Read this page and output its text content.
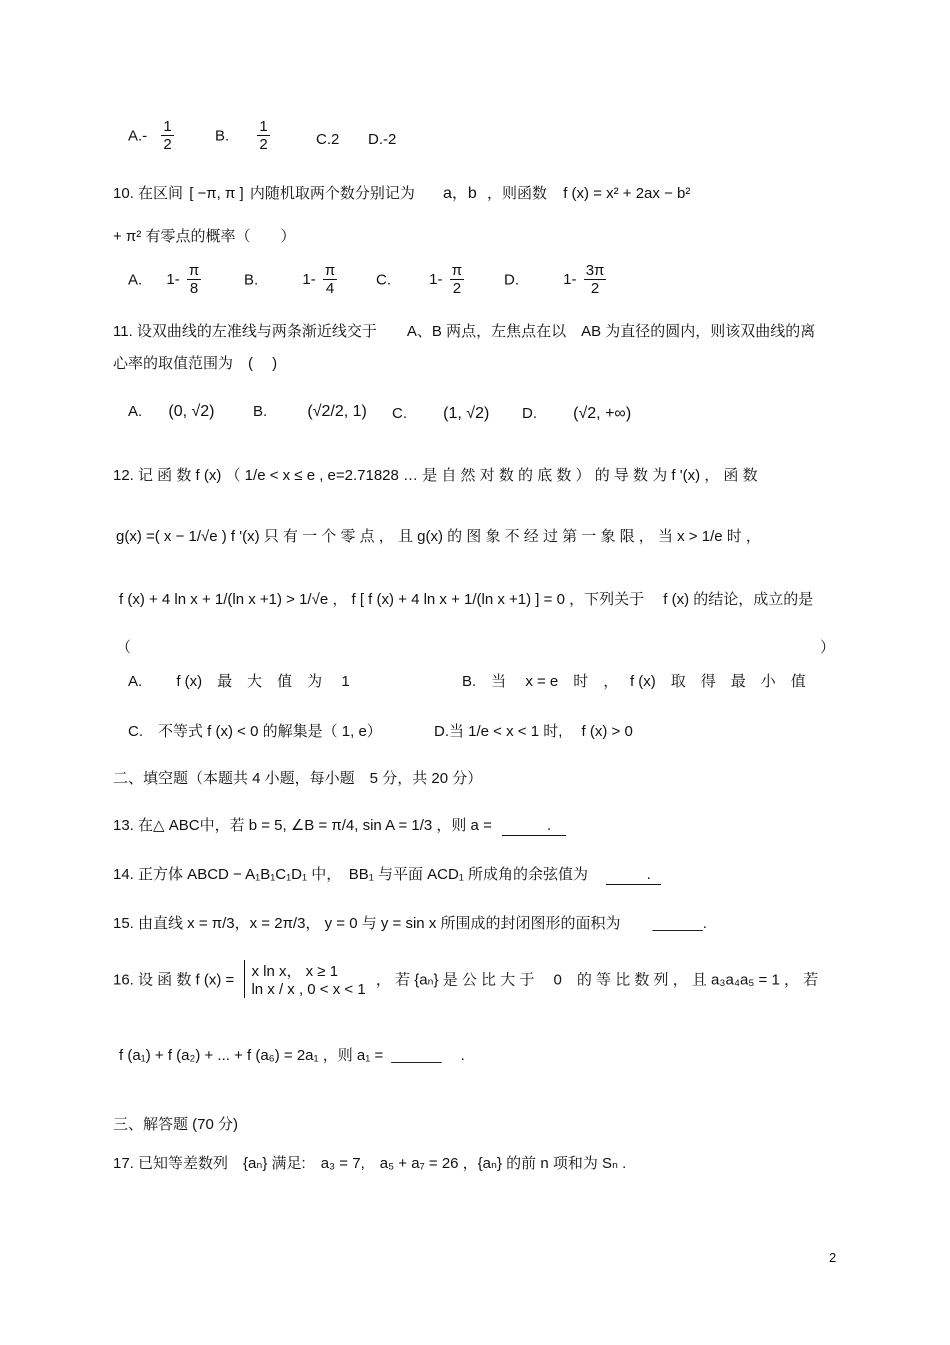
$A.- \frac{1}{2}$	B. $\frac{1}{2}$	C.2 D.-2
10. 在区间 [ −π, π ] 内随机取两个数分别记为 a，b ，则函数 f (x) = x² + 2ax − b²
+ π² 有零点的概率（　　）
A. $1- \frac{\pi}{8}$	B.	$1- \frac{\pi}{4}$	C.	$1- \frac{\pi}{2}$	D.	$1- \frac{3\pi}{2}$
11. 设双曲线的左准线与两条渐近线交于　　A、B 两点，左焦点在以　AB 为直径的圆内，则该双曲线的离
心率的取值范围为　( 　)
A. (0, √2)	B.	(√2/2, 1) C. (1, √2) D. (√2, +∞)
12. 记 函 数 f (x) （ 1/e < x ≤ e , e=2.71828 … 是 自 然 对 数 的 底 数 ） 的 导 数 为 f '(x) ， 函 数
g(x) =( x − 1/√e ) f '(x) 只 有 一 个 零 点 ， 且 g(x) 的 图 象 不 经 过 第 一 象 限 ， 当 x > 1/e 时 ，
f (x) + 4 ln x + 1/(ln x +1) > 1/√e ， f [ f (x) + 4 ln x + 1/(ln x +1) ] = 0 ，下列关于　 f (x) 的结论，成立的是
（	）
A.　　 f (x)　最　大　值　为　 1	B.　当　 x = e　时　，　 f (x)　取　得　最　小　值
C.　不等式 f (x) < 0 的解集是（ 1, e）	D.当 1/e < x < 1 时,　 f (x) > 0
二、填空题（本题共 4 小题，每小题　5 分，共 20 分）
13. 在△ ABC中，若 b = 5, ∠B = π/4, sin A = 1/3 ，则 a = 　　.　　
14. 正方体 ABCD − A₁B₁C₁D₁ 中，　BB₁ 与平面 ACD₁ 所成角的余弦值为 　　.　
15. 由直线 x = π/3，x = 2π/3， y = 0 与 y = sin x 所围成的封闭图形的面积为 ______.
16. 设 函 数 f (x) = x ln x， x ≥ 1
ln x / x , 0 < x < 1
， 若 {aₙ} 是 公 比 大 于　 0　的 等 比 数 列 ， 且 a₃a₄a₅ = 1 ， 若
f (a₁) + f (a₂) + ... + f (a₆) = 2a₁ ，则 a₁ = ______ 　.
三、解答题 (70 分)
17. 已知等差数列　{aₙ} 满足:　a₃ = 7,　a₅ + a₇ = 26 ，{aₙ} 的前 n 项和为 Sₙ .
2
